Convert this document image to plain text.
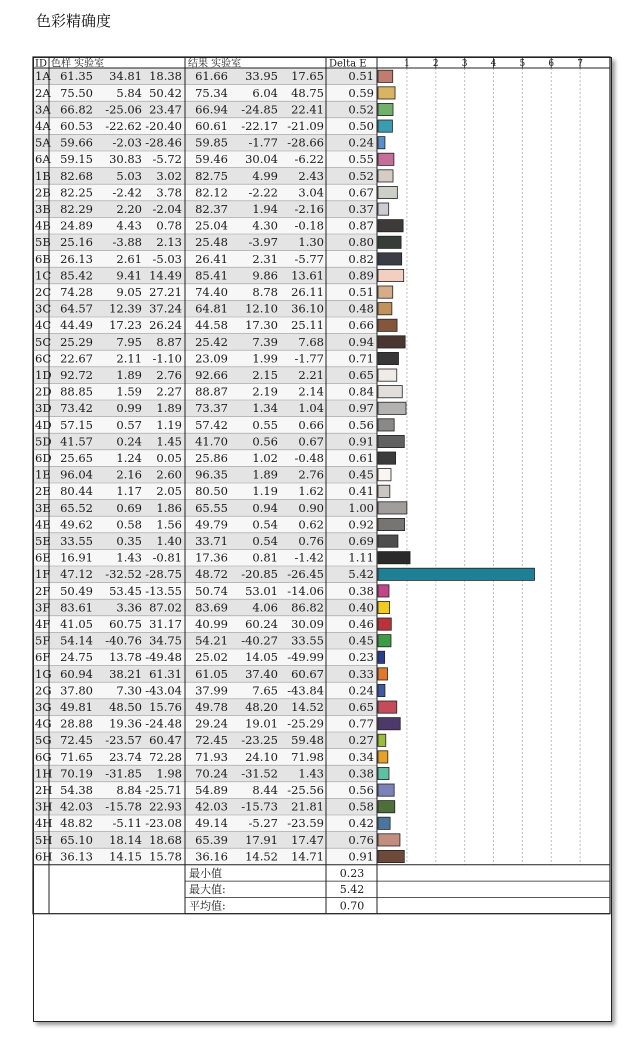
色彩精确度
1	2	3	4	5	6	7
ID 色样 实验室	结果 实验室	Delta E
1A 61.35 34.81 18.38 61.66 33.95 17.65 0.51
2A 75.50 5.84 50.42 75.34 6.04 48.75 0.59
3A 66.82 -25.06 23.47 66.94 -24.85 22.41 0.52
4A 60.53 -22.62 -20.40 60.61 -22.17 -21.09 0.50
5A 59.66 -2.03 -28.46 59.85 -1.77 -28.66 0.24
6A 59.15 30.83 -5.72 59.46 30.04 -6.22 0.55
1B 82.68 5.03 3.02 82.75 4.99 2.43 0.52
2B 82.25 -2.42 3.78 82.12 -2.22 3.04 0.67
3B 82.29 2.20 -2.04 82.37 1.94 -2.16 0.37
4B 24.89 4.43 0.78 25.04 4.30 -0.18 0.87
5B 25.16 -3.88 2.13 25.48 -3.97 1.30 0.80
6B 26.13 2.61 -5.03 26.41 2.31 -5.77 0.82
1C 85.42 9.41 14.49 85.41 9.86 13.61 0.89
2C 74.28 9.05 27.21 74.40 8.78 26.11 0.51
3C 64.57 12.39 37.24 64.81 12.10 36.10 0.48
4C 44.49 17.23 26.24 44.58 17.30 25.11 0.66
5C 25.29 7.95 8.87 25.42 7.39 7.68 0.94
6C 22.67 2.11 -1.10 23.09 1.99 -1.77 0.71
1D 92.72 1.89 2.76 92.66 2.15 2.21 0.65
2D 88.85 1.59 2.27 88.87 2.19 2.14 0.84
3D 73.42 0.99 1.89 73.37 1.34 1.04 0.97
4D 57.15 0.57 1.19 57.42 0.55 0.66 0.56
5D 41.57 0.24 1.45 41.70 0.56 0.67 0.91
6D 25.65 1.24 0.05 25.86 1.02 -0.48 0.61
1E 96.04 2.16 2.60 96.35 1.89 2.76 0.45
2E 80.44 1.17 2.05 80.50 1.19 1.62 0.41
3E 65.52 0.69 1.86 65.55 0.94 0.90 1.00
4E 49.62 0.58 1.56 49.79 0.54 0.62 0.92
5E 33.55 0.35 1.40 33.71 0.54 0.76 0.69
6E 16.91 1.43 -0.81 17.36 0.81 -1.42 1.11
1F 47.12 -32.52 -28.75 48.72 -20.85 -26.45 5.42
2F 50.49 53.45 -13.55 50.74 53.01 -14.06 0.38
3F 83.61 3.36 87.02 83.69 4.06 86.82 0.40
4F 41.05 60.75 31.17 40.99 60.24 30.09 0.46
5F 54.14 -40.76 34.75 54.21 -40.27 33.55 0.45
6F 24.75 13.78 -49.48 25.02 14.05 -49.99 0.23
1G 60.94 38.21 61.31 61.05 37.40 60.67 0.33
2G 37.80 7.30 -43.04 37.99 7.65 -43.84 0.24
3G 49.81 48.50 15.76 49.78 48.20 14.52 0.65
4G 28.88 19.36 -24.48 29.24 19.01 -25.29 0.77
5G 72.45 -23.57 60.47 72.45 -23.25 59.48 0.27
6G 71.65 23.74 72.28 71.93 24.10 71.98 0.34
1H 70.19 -31.85 1.98 70.24 -31.52 1.43 0.38
2H 54.38 8.84 -25.71 54.89 8.44 -25.56 0.56
3H 42.03 -15.78 22.93 42.03 -15.73 21.81 0.58
4H 48.82 -5.11 -23.08 49.14 -5.27 -23.59 0.42
5H 65.10 18.14 18.68 65.39 17.91 17.47 0.76
6H 36.13 14.15 15.78 36.16 14.52 14.71 0.91
最小值	0.23
最大值:	5.42
平均值:	0.70
